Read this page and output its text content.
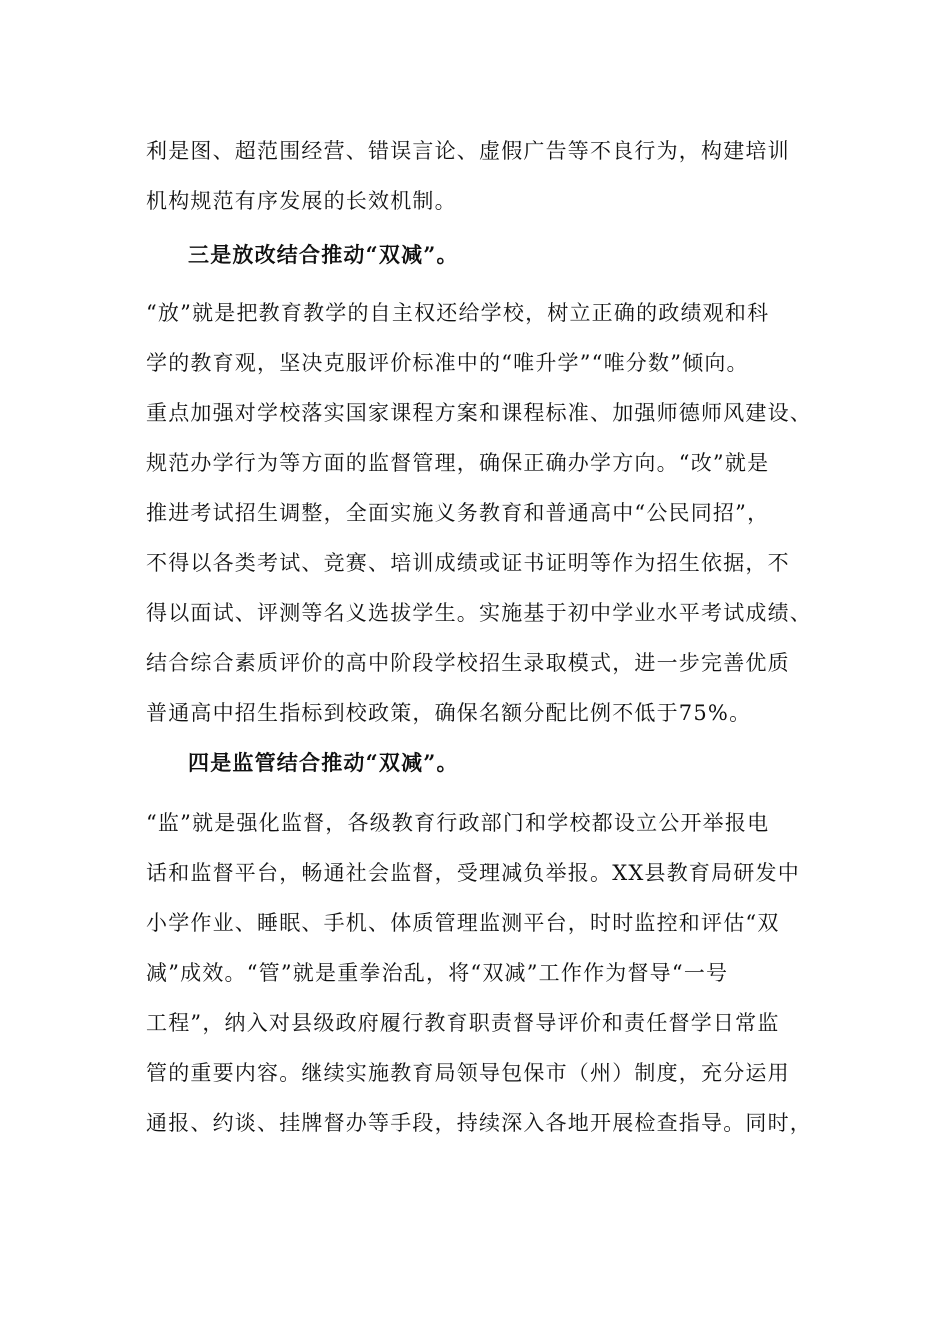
利是图、超范围经营、错误言论、虚假广告等不良行为，构建培训
机构规范有序发展的长效机制。
三是放改结合推动“双减”。
“放”就是把教育教学的自主权还给学校，树立正确的政绩观和科
学的教育观，坚决克服评价标准中的“唯升学”“唯分数”倾向。
重点加强对学校落实国家课程方案和课程标准、加强师德师风建设、
规范办学行为等方面的监督管理，确保正确办学方向。“改”就是
推进考试招生调整，全面实施义务教育和普通高中“公民同招”，
不得以各类考试、竞赛、培训成绩或证书证明等作为招生依据，不
得以面试、评测等名义选拔学生。实施基于初中学业水平考试成绩、
结合综合素质评价的高中阶段学校招生录取模式，进一步完善优质
普通高中招生指标到校政策，确保名额分配比例不低于75%。
四是监管结合推动“双减”。
“监”就是强化监督，各级教育行政部门和学校都设立公开举报电
话和监督平台，畅通社会监督，受理减负举报。XX县教育局研发中
小学作业、睡眠、手机、体质管理监测平台，时时监控和评估“双
减”成效。“管”就是重拳治乱，将“双减”工作作为督导“一号
工程”，纳入对县级政府履行教育职责督导评价和责任督学日常监
管的重要内容。继续实施教育局领导包保市（州）制度，充分运用
通报、约谈、挂牌督办等手段，持续深入各地开展检查指导。同时，
